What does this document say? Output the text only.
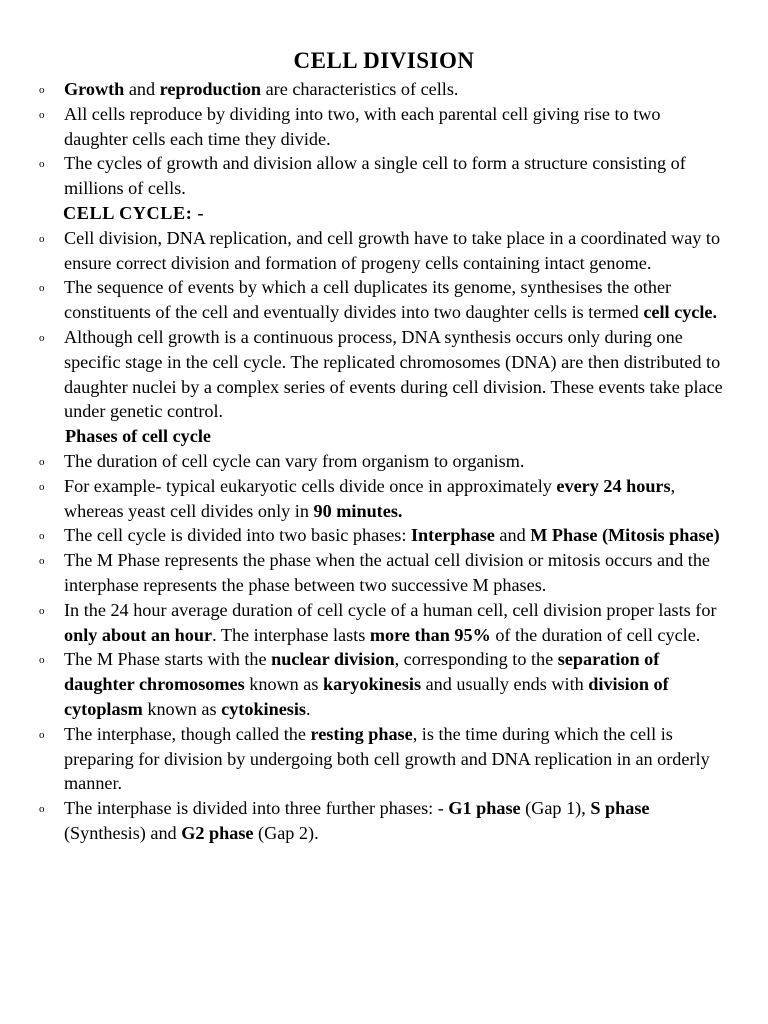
CELL DIVISION
o Growth and reproduction are characteristics of cells.
o All cells reproduce by dividing into two, with each parental cell giving rise to two daughter cells each time they divide.
o The cycles of growth and division allow a single cell to form a structure consisting of millions of cells.
CELL CYCLE: -
o Cell division, DNA replication, and cell growth have to take place in a coordinated way to ensure correct division and formation of progeny cells containing intact genome.
o The sequence of events by which a cell duplicates its genome, synthesises the other constituents of the cell and eventually divides into two daughter cells is termed cell cycle.
o Although cell growth is a continuous process, DNA synthesis occurs only during one specific stage in the cell cycle. The replicated chromosomes (DNA) are then distributed to daughter nuclei by a complex series of events during cell division. These events take place under genetic control.
Phases of cell cycle
o The duration of cell cycle can vary from organism to organism.
o For example- typical eukaryotic cells divide once in approximately every 24 hours, whereas yeast cell divides only in 90 minutes.
o The cell cycle is divided into two basic phases: Interphase and M Phase (Mitosis phase)
o The M Phase represents the phase when the actual cell division or mitosis occurs and the interphase represents the phase between two successive M phases.
o In the 24 hour average duration of cell cycle of a human cell, cell division proper lasts for only about an hour. The interphase lasts more than 95% of the duration of cell cycle.
o The M Phase starts with the nuclear division, corresponding to the separation of daughter chromosomes known as karyokinesis and usually ends with division of cytoplasm known as cytokinesis.
o The interphase, though called the resting phase, is the time during which the cell is preparing for division by undergoing both cell growth and DNA replication in an orderly manner.
o The interphase is divided into three further phases: - G1 phase (Gap 1), S phase (Synthesis) and G2 phase (Gap 2).
